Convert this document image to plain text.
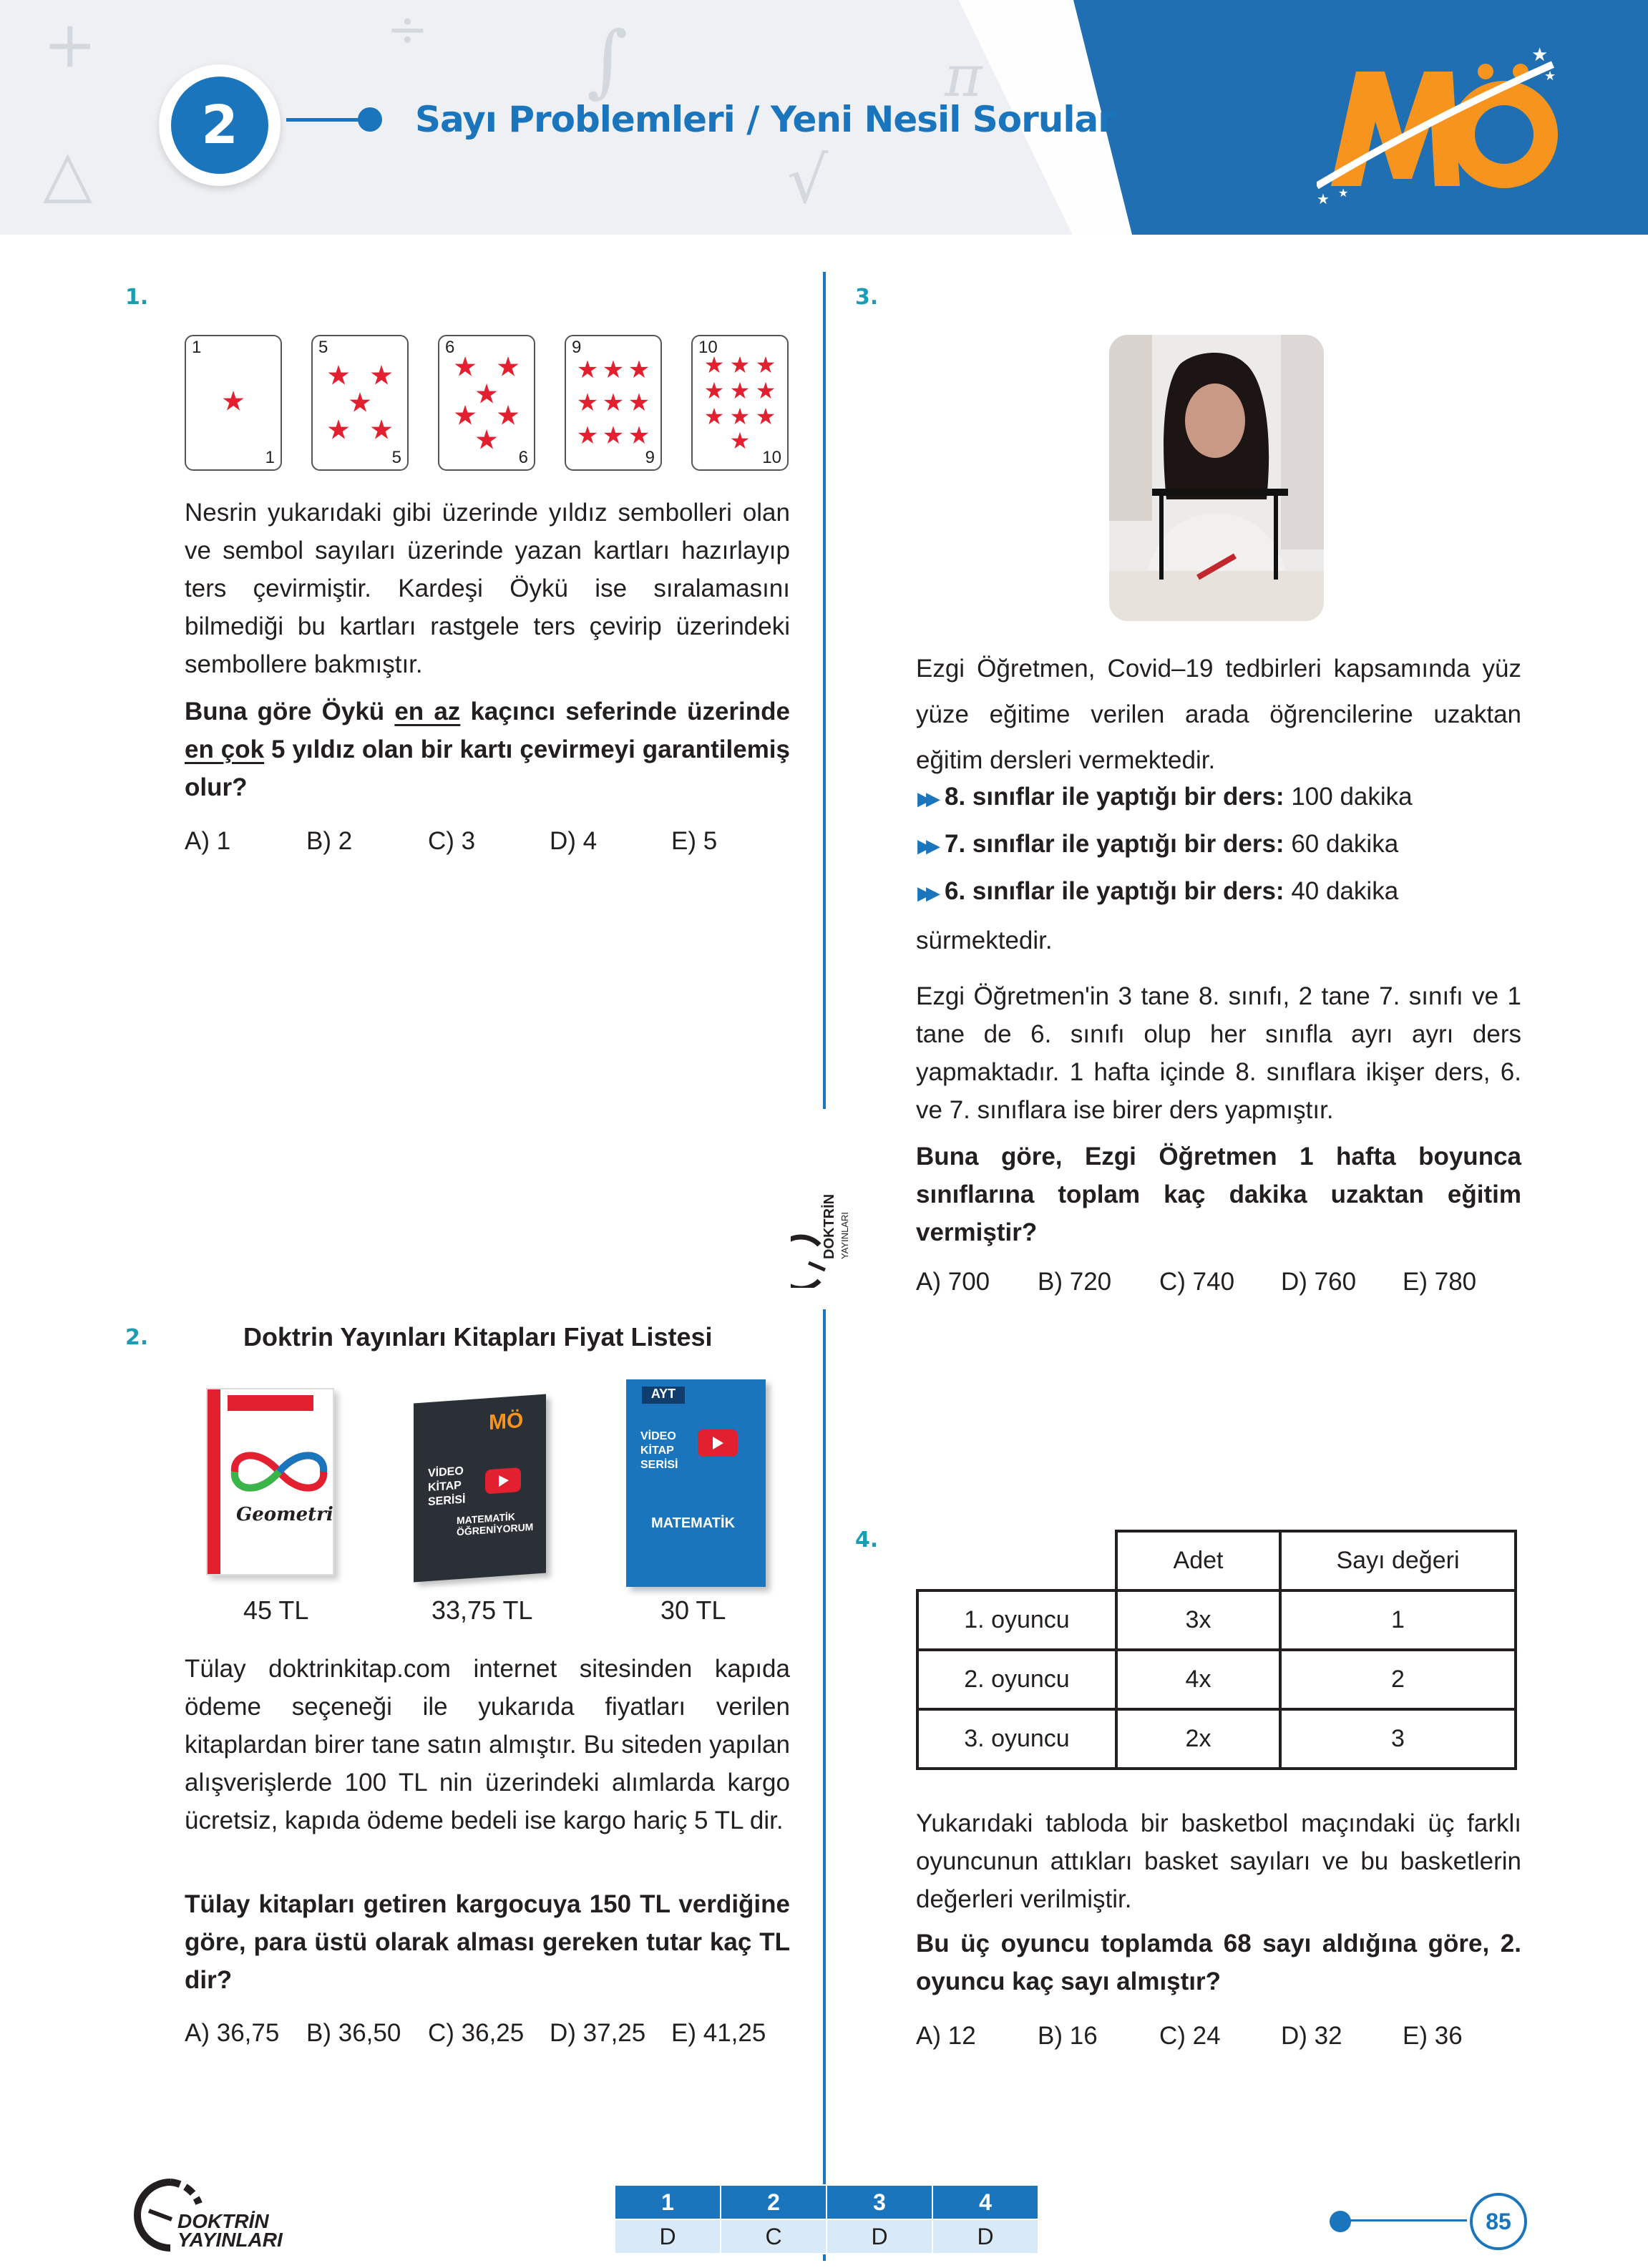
+	÷ ∫
△	√
π
2	Sayı Problemleri / Yeni Nesil Sorular
★
★
★ ★
DOKTRİN YAYINLARI
1.
★
1
1
★ ★
★
★ ★
5
5
★ ★
★
★ ★
★
6
6
★ ★ ★
★ ★ ★
★ ★ ★
9
9
★ ★ ★
★ ★ ★
★ ★ ★
★
10
10
Nesrin yukarıdaki gibi üzerinde yıldız sembolleri olan ve sembol sayıları üzerinde yazan kartları hazırlayıp ters çevirmiştir. Kardeşi Öykü ise sıralamasını bilmediği bu kartları rastgele ters çevirip üzerindeki sembollere bakmıştır.
Buna göre Öykü en az kaçıncı seferinde üzerinde en çok 5 yıldız olan bir kartı çevirmeyi garantilemiş olur?
A) 1	B) 2	C) 3	D) 4	E) 5
2.	Doktrin Yayınları Kitapları Fiyat Listesi
Geometri
MÖ
VİDEO
KİTAP
SERİSİ
MATEMATİK ÖĞRENİYORUM
AYT
VİDEO
KİTAP
SERİSİ
MATEMATİK
45 TL	33,75 TL	30 TL
Tülay doktrinkitap.com internet sitesinden kapıda ödeme seçeneği ile yukarıda fiyatları verilen kitaplardan birer tane satın almıştır. Bu siteden yapılan alışverişlerde 100 TL nin üzerindeki alımlarda kargo ücretsiz, kapıda ödeme bedeli ise kargo hariç 5 TL dir.
Tülay kitapları getiren kargocuya 150 TL verdiğine göre, para üstü olarak alması gereken tutar kaç TL dir?
A) 36,75 B) 36,50 C) 36,25 D) 37,25 E) 41,25
3.
Ezgi Öğretmen, Covid–19 tedbirleri kapsamında yüz yüze eğitime verilen arada öğrencilerine uzaktan eğitim dersleri vermektedir.
▶▶ 8. sınıflar ile yaptığı bir ders: 100 dakika
▶▶ 7. sınıflar ile yaptığı bir ders: 60 dakika
▶▶ 6. sınıflar ile yaptığı bir ders: 40 dakika
sürmektedir.
Ezgi Öğretmen'in 3 tane 8. sınıfı, 2 tane 7. sınıfı ve 1 tane de 6. sınıfı olup her sınıfla ayrı ayrı ders yapmaktadır. 1 hafta içinde 8. sınıflara ikişer ders, 6. ve 7. sınıflara ise birer ders yapmıştır.
Buna göre, Ezgi Öğretmen 1 hafta boyunca sınıflarına toplam kaç dakika uzaktan eğitim vermiştir?
A) 700 B) 720 C) 740 D) 760 E) 780
4.
	Adet	Sayı değeri
1. oyuncu	3x	1
2. oyuncu	4x	2
3. oyuncu	2x	3
Yukarıdaki tabloda bir basketbol maçındaki üç farklı oyuncunun attıkları basket sayıları ve bu basketlerin değerleri verilmiştir.
Bu üç oyuncu toplamda 68 sayı aldığına göre, 2. oyuncu kaç sayı almıştır?
A) 12 B) 16 C) 24 D) 32 E) 36
DOKTRİN YAYINLARI
1	2	3	4
D	C	D	D
85
